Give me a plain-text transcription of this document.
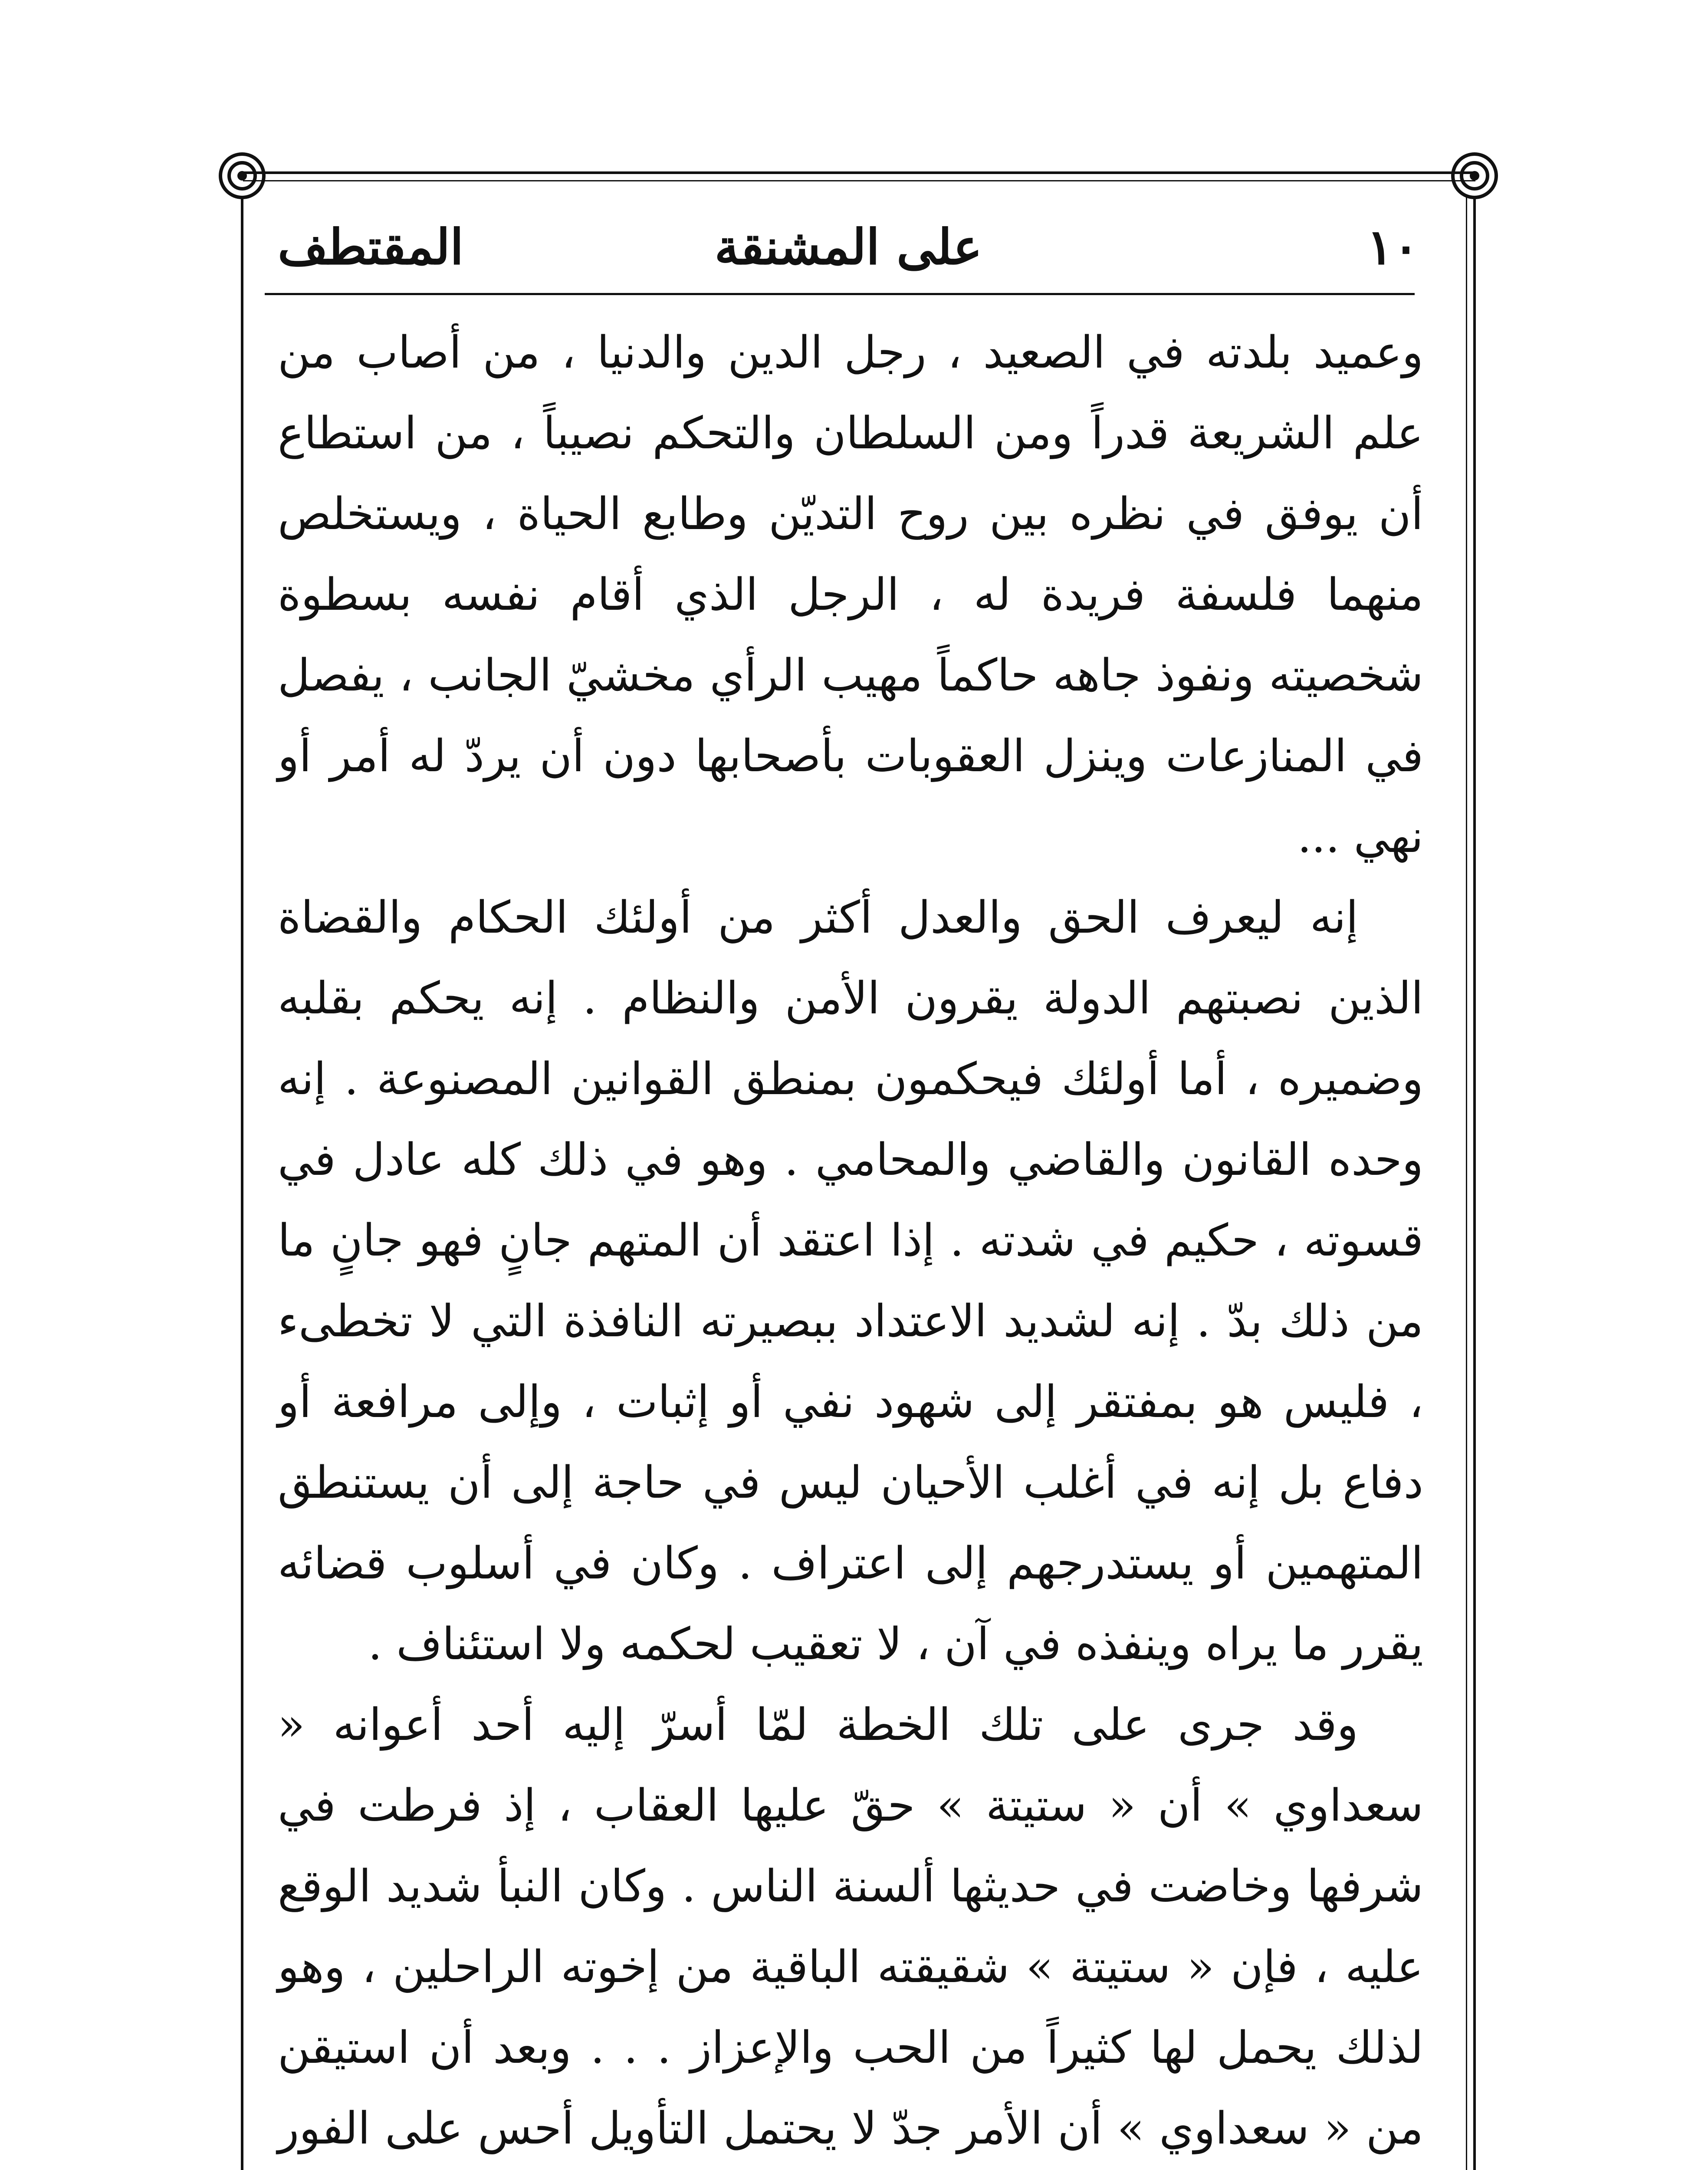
١٠
على المشنقة
المقتطف

وعميد بلدته في الصعيد ، رجل الدين والدنيا ، من أصاب من علم الشريعة قدراً ومن السلطان والتحكم نصيباً ، من استطاع أن يوفق في نظره بين روح التديّن وطابع الحياة ، ويستخلص منهما فلسفة فريدة له ، الرجل الذي أقام نفسه بسطوة شخصيته ونفوذ جاهه حاكماً مهيب الرأي مخشيّ الجانب ، يفصل في المنازعات وينزل العقوبات بأصحابها دون أن يردّ له أمر أو نهي ...

إنه ليعرف الحق والعدل أكثر من أولئك الحكام والقضاة الذين نصبتهم الدولة يقرون الأمن والنظام . إنه يحكم بقلبه وضميره ، أما أولئك فيحكمون بمنطق القوانين المصنوعة . إنه وحده القانون والقاضي والمحامي . وهو في ذلك كله عادل في قسوته ، حكيم في شدته . إذا اعتقد أن المتهم جانٍ فهو جانٍ ما من ذلك بدّ . إنه لشديد الاعتداد ببصيرته النافذة التي لا تخطىء ، فليس هو بمفتقر إلى شهود نفي أو إثبات ، وإلى مرافعة أو دفاع بل إنه في أغلب الأحيان ليس في حاجة إلى أن يستنطق المتهمين أو يستدرجهم إلى اعتراف . وكان في أسلوب قضائه يقرر ما يراه وينفذه في آن ، لا تعقيب لحكمه ولا استئناف .

وقد جرى على تلك الخطة لمّا أسرّ إليه أحد أعوانه « سعداوي » أن « ستيتة » حقّ عليها العقاب ، إذ فرطت في شرفها وخاضت في حديثها ألسنة الناس . وكان النبأ شديد الوقع عليه ، فإن « ستيتة » شقيقته الباقية من إخوته الراحلين ، وهو لذلك يحمل لها كثيراً من الحب والإعزاز . . . وبعد أن استيقن من « سعداوي » أن الأمر جدّ لا يحتمل التأويل أحس على الفور
